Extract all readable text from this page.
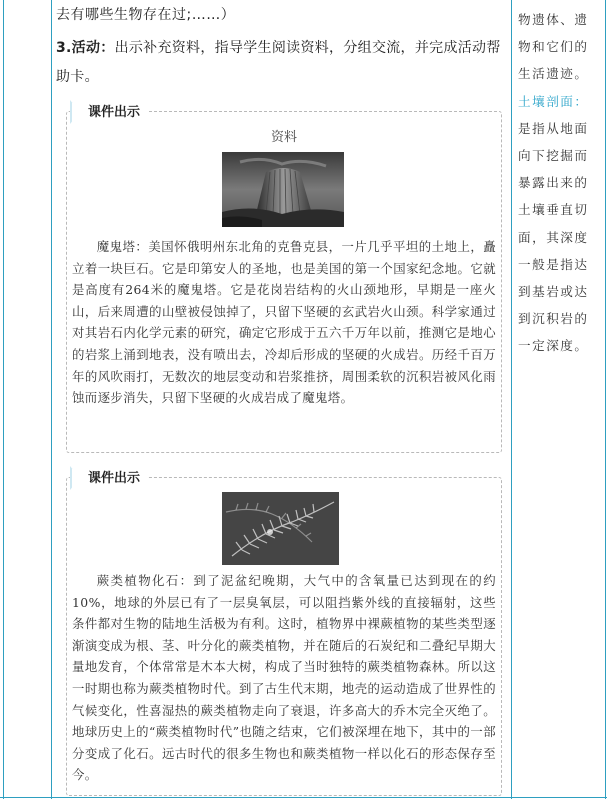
去有哪些生物存在过;……）
3.活动：出示补充资料，指导学生阅读资料，分组交流，并完成活动帮助卡。
课件出示
资料
魔鬼塔：美国怀俄明州东北角的克鲁克县，一片几乎平坦的土地上，矗立着一块巨石。它是印第安人的圣地，也是美国的第一个国家纪念地。它就是高度有264米的魔鬼塔。它是花岗岩结构的火山颈地形，早期是一座火山，后来周遭的山壁被侵蚀掉了，只留下坚硬的玄武岩火山颈。科学家通过对其岩石内化学元素的研究，确定它形成于五六千万年以前，推测它是地心的岩浆上涌到地表，没有喷出去，冷却后形成的坚硬的火成岩。历经千百万年的风吹雨打，无数次的地层变动和岩浆推挤，周围柔软的沉积岩被风化雨蚀而逐步消失，只留下坚硬的火成岩成了魔鬼塔。
课件出示
蕨类植物化石：到了泥盆纪晚期，大气中的含氧量已达到现在的约10%，地球的外层已有了一层臭氧层，可以阻挡紫外线的直接辐射，这些条件都对生物的陆地生活极为有利。这时，植物界中裸蕨植物的某些类型逐渐演变成为根、茎、叶分化的蕨类植物，并在随后的石炭纪和二叠纪早期大量地发育，个体常常是木本大树，构成了当时独特的蕨类植物森林。所以这一时期也称为蕨类植物时代。到了古生代末期，地壳的运动造成了世界性的气候变化，性喜湿热的蕨类植物走向了衰退，许多高大的乔木完全灭绝了。地球历史上的“蕨类植物时代”也随之结束，它们被深埋在地下，其中的一部分变成了化石。远古时代的很多生物也和蕨类植物一样以化石的形态保存至今。
物遗体、遗物和它们的生活遗迹。
土壤剖面：是指从地面向下挖掘而暴露出来的土壤垂直切面，其深度一般是指达到基岩或达到沉积岩的一定深度。
